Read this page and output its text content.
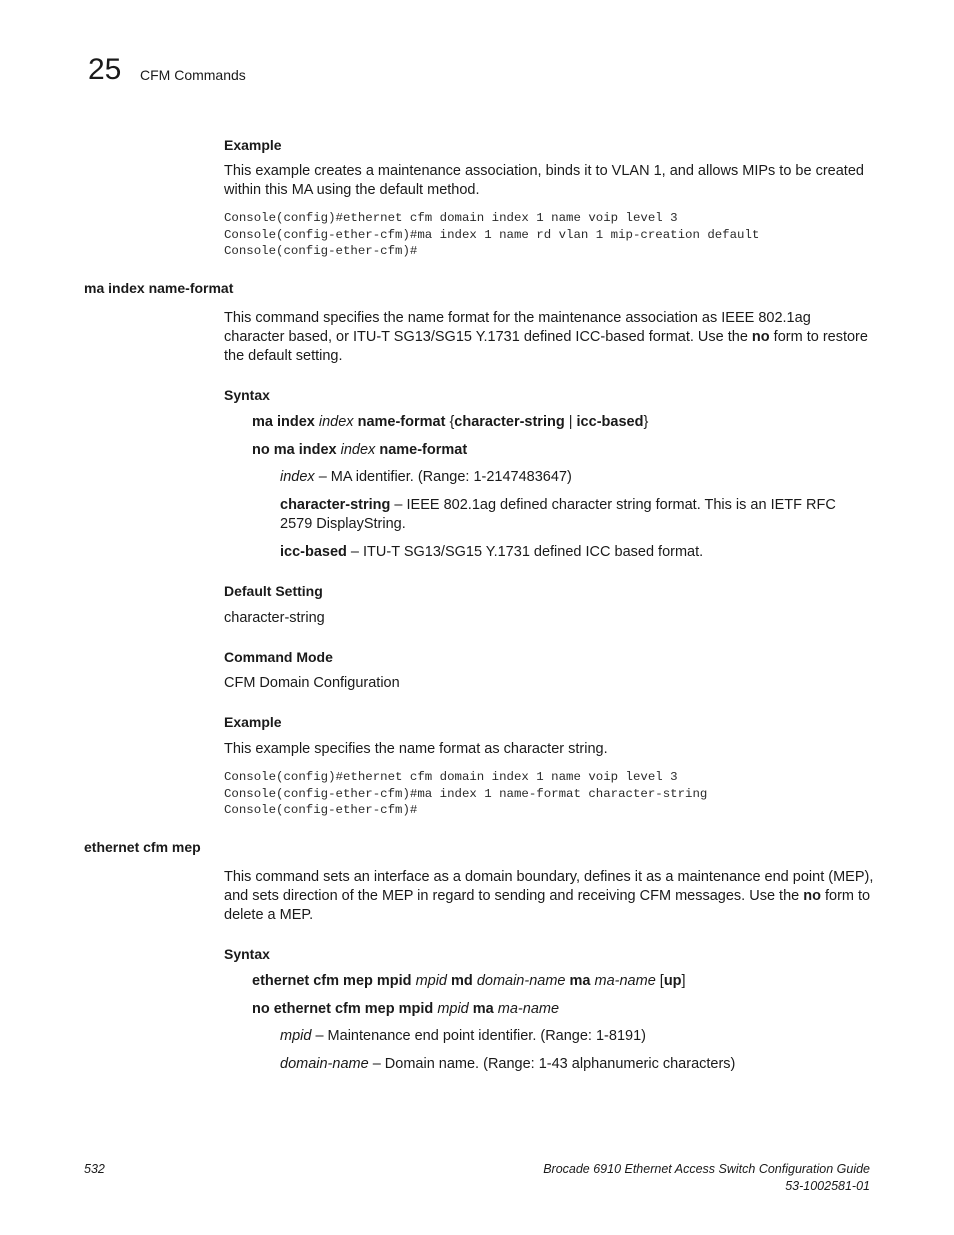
25 CFM Commands
Example
This example creates a maintenance association, binds it to VLAN 1, and allows MIPs to be created within this MA using the default method.
Console(config)#ethernet cfm domain index 1 name voip level 3
Console(config-ether-cfm)#ma index 1 name rd vlan 1 mip-creation default
Console(config-ether-cfm)#
ma index name-format
This command specifies the name format for the maintenance association as IEEE 802.1ag character based, or ITU-T SG13/SG15 Y.1731 defined ICC-based format. Use the no form to restore the default setting.
Syntax
ma index index name-format {character-string | icc-based}
no ma index index name-format
index – MA identifier. (Range: 1-2147483647)
character-string – IEEE 802.1ag defined character string format. This is an IETF RFC 2579 DisplayString.
icc-based – ITU-T SG13/SG15 Y.1731 defined ICC based format.
Default Setting
character-string
Command Mode
CFM Domain Configuration
Example
This example specifies the name format as character string.
Console(config)#ethernet cfm domain index 1 name voip level 3
Console(config-ether-cfm)#ma index 1 name-format character-string
Console(config-ether-cfm)#
ethernet cfm mep
This command sets an interface as a domain boundary, defines it as a maintenance end point (MEP), and sets direction of the MEP in regard to sending and receiving CFM messages. Use the no form to delete a MEP.
Syntax
ethernet cfm mep mpid mpid md domain-name ma ma-name [up]
no ethernet cfm mep mpid mpid ma ma-name
mpid – Maintenance end point identifier. (Range: 1-8191)
domain-name – Domain name. (Range: 1-43 alphanumeric characters)
532	Brocade 6910 Ethernet Access Switch Configuration Guide
53-1002581-01
